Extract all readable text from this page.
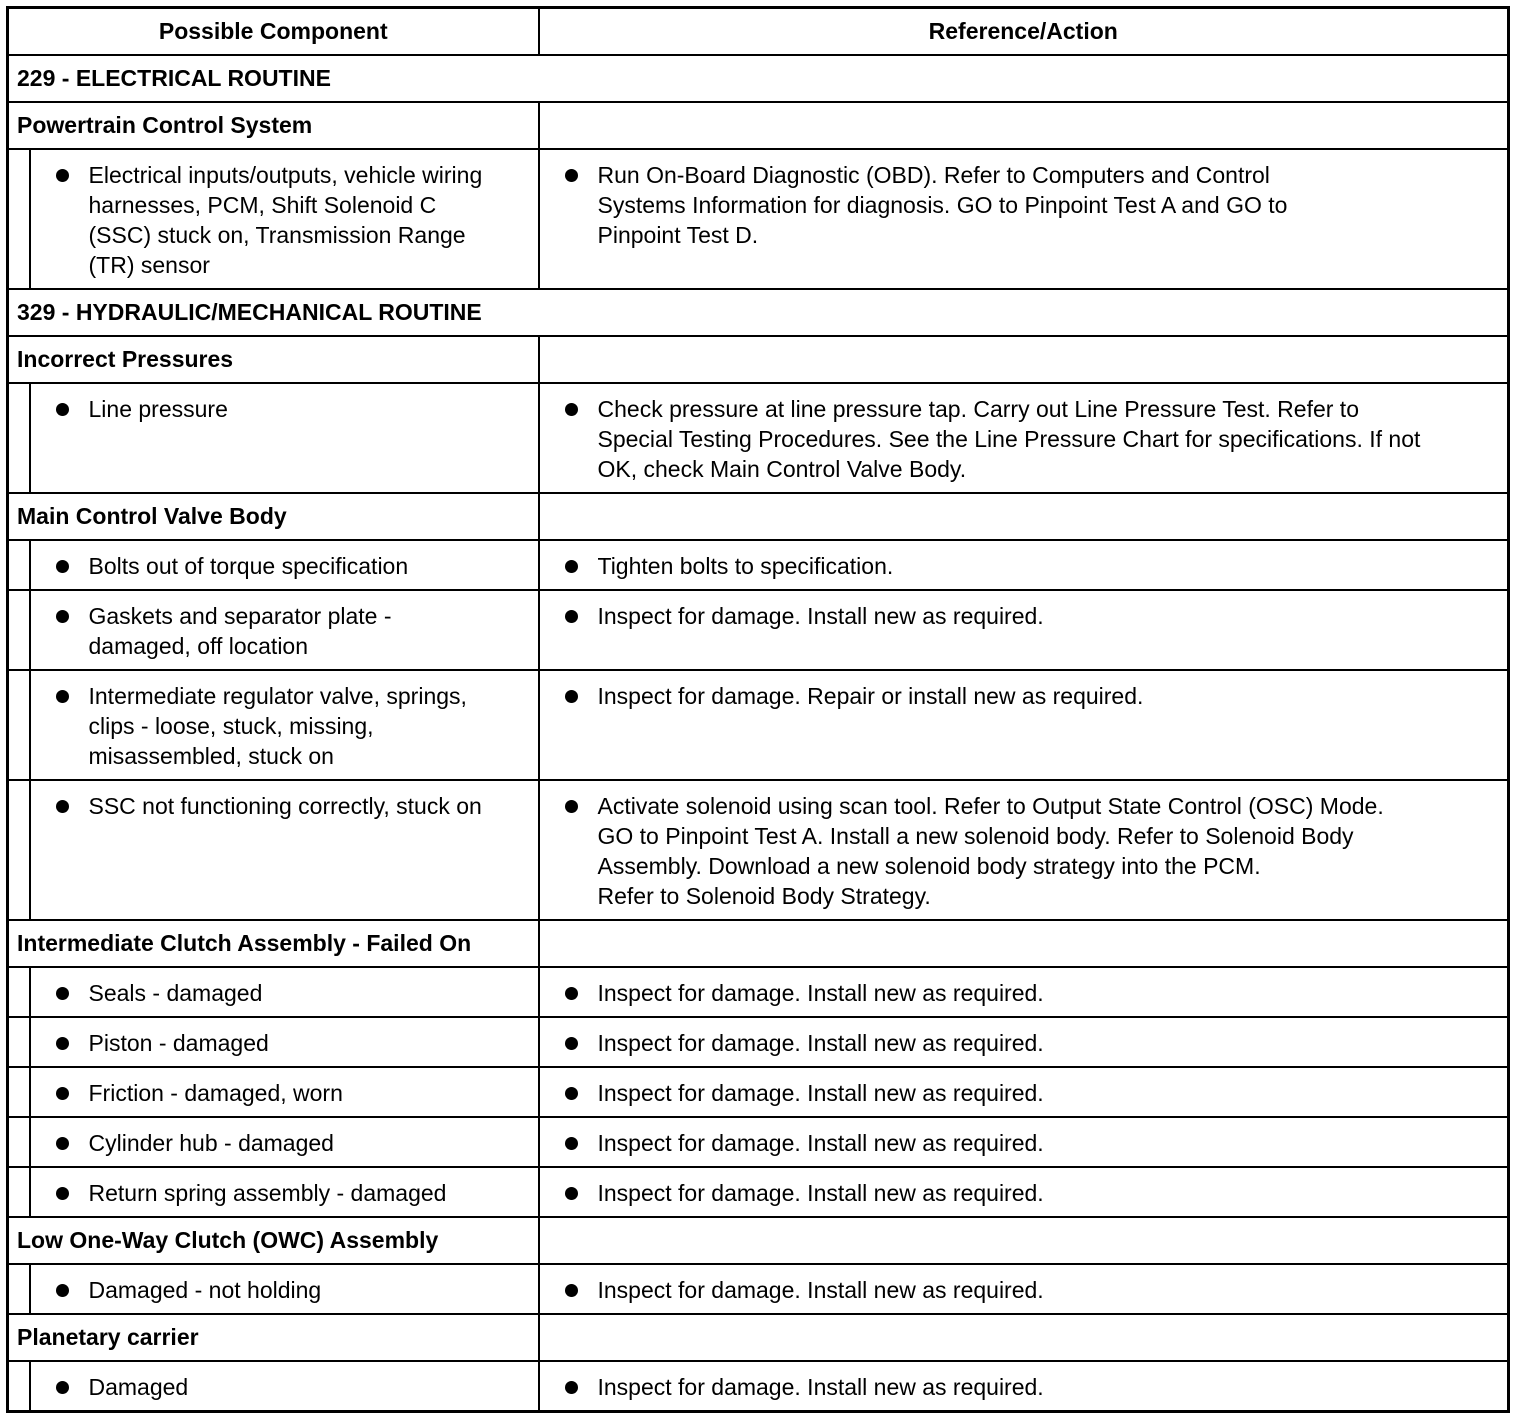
Possible Component		Reference/Action
229 - ELECTRICAL ROUTINE		
Powertrain Control System		

	Electrical inputs/outputs, vehicle wiring
harnesses, PCM, Shift Solenoid C
(SSC) stuck on, Transmission Range
(TR) sensor	Run On-Board Diagnostic (OBD). Refer to Computers and Control
Systems Information for diagnosis. GO to Pinpoint Test A and GO to
Pinpoint Test D.

329 - HYDRAULIC/MECHANICAL ROUTINE		
Incorrect Pressures		

	Line pressure	Check pressure at line pressure tap. Carry out Line Pressure Test. Refer to
Special Testing Procedures. See the Line Pressure Chart for specifications. If not
OK, check Main Control Valve Body.

Main Control Valve Body		

	Bolts out of torque specification	Tighten bolts to specification.

	Gaskets and separator plate -
damaged, off location	Inspect for damage. Install new as required.

	Intermediate regulator valve, springs,
clips - loose, stuck, missing,
misassembled, stuck on	Inspect for damage. Repair or install new as required.

	SSC not functioning correctly, stuck on	Activate solenoid using scan tool. Refer to Output State Control (OSC) Mode.
GO to Pinpoint Test A. Install a new solenoid body. Refer to Solenoid Body
Assembly. Download a new solenoid body strategy into the PCM.
Refer to Solenoid Body Strategy.

Intermediate Clutch Assembly - Failed On		

	Seals - damaged	Inspect for damage. Install new as required.

	Piston - damaged	Inspect for damage. Install new as required.

	Friction - damaged, worn	Inspect for damage. Install new as required.

	Cylinder hub - damaged	Inspect for damage. Install new as required.

	Return spring assembly - damaged	Inspect for damage. Install new as required.

Low One-Way Clutch (OWC) Assembly		

	Damaged - not holding	Inspect for damage. Install new as required.

Planetary carrier		

	Damaged	Inspect for damage. Install new as required.
